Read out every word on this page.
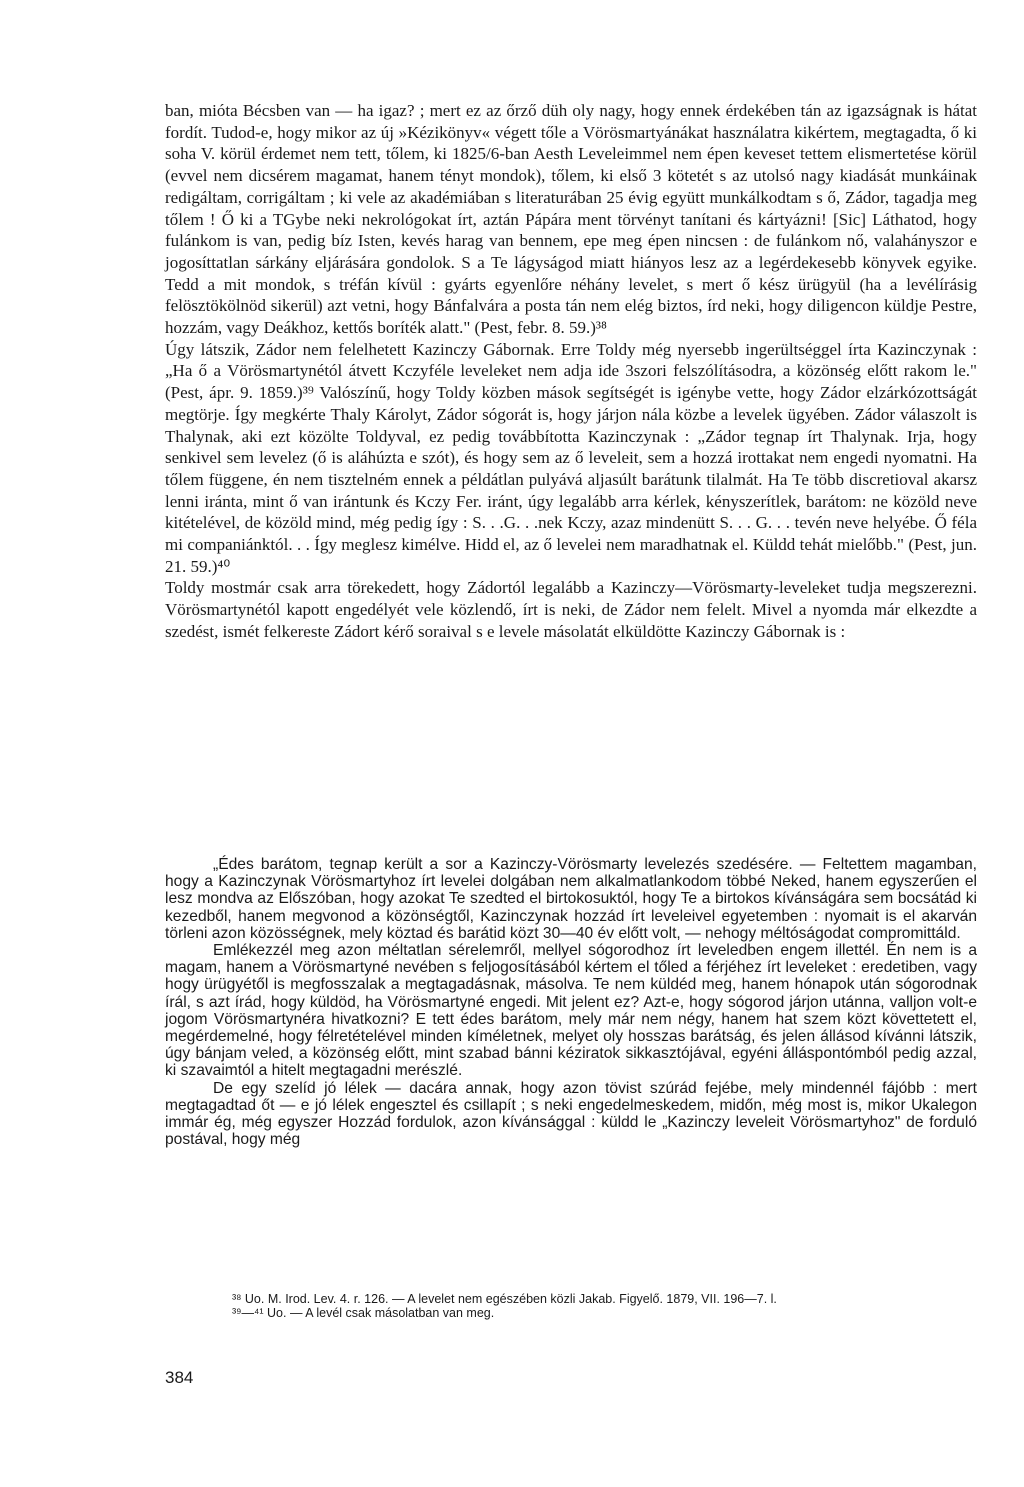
ban, mióta Bécsben van — ha igaz? ; mert ez az őrző düh oly nagy, hogy ennek érdekében tán az igazságnak is hátat fordít. Tudod-e, hogy mikor az új »Kézikönyv« végett tőle a Vörösmartyánákat használatra kikértem, megtagadta, ő ki soha V. körül érdemet nem tett, tőlem, ki 1825/6-ban Aesth Leveleimmel nem épen keveset tettem elismertetése körül (evvel nem dicsérem magamat, hanem tényt mondok), tőlem, ki első 3 kötetét s az utolsó nagy kiadását munkáinak redigáltam, corrigáltam ; ki vele az akadémiában s literaturában 25 évig együtt munkálkodtam s ő, Zádor, tagadja meg tőlem ! Ő ki a TGybe neki nekrológokat írt, aztán Pápára ment törvényt tanítani és kártyázni! [Sic] Láthatod, hogy fulánkom is van, pedig bíz Isten, kevés harag van bennem, epe meg épen nincsen : de fulánkom nő, valahányszor e jogosíttatlan sárkány eljárására gondolok. S a Te lágyságod miatt hiányos lesz az a legérdekesebb könyvek egyike. Tedd a mit mondok, s tréfán kívül : gyárts egyenlőre néhány levelet, s mert ő kész ürügyül (ha a levélírásig felösztökölnöd sikerül) azt vetni, hogy Bánfalvára a posta tán nem elég biztos, írd neki, hogy diligencon küldje Pestre, hozzám, vagy Deákhoz, kettős boríték alatt." (Pest, febr. 8. 59.)³⁸

Úgy látszik, Zádor nem felelhetett Kazinczy Gábornak. Erre Toldy még nyersebb ingerültséggel írta Kazinczynak : „Ha ő a Vörösmartynétól átvett Kczyféle leveleket nem adja ide 3szori felszólításodra, a közönség előtt rakom le." (Pest, ápr. 9. 1859.)³⁹ Valószínű, hogy Toldy közben mások segítségét is igénybe vette, hogy Zádor elzárkózottságát megtörje. Így megkérte Thaly Károlyt, Zádor sógorát is, hogy járjon nála közbe a levelek ügyében. Zádor válaszolt is Thalynak, aki ezt közölte Toldyval, ez pedig továbbította Kazinczynak : „Zádor tegnap írt Thalynak. Irja, hogy senkivel sem levelez (ő is aláhúzta e szót), és hogy sem az ő leveleit, sem a hozzá irottakat nem engedi nyomatni. Ha tőlem függene, én nem tisztelném ennek a példátlan pulyává aljasúlt barátunk tilalmát. Ha Te több discretioval akarsz lenni iránta, mint ő van irántunk és Kczy Fer. iránt, úgy legalább arra kérlek, kényszerítlek, barátom: ne közöld neve kitételével, de közöld mind, még pedig így : S. . .G. . .nek Kczy, azaz mindenütt S. . . G. . . tevén neve helyébe. Ő féla mi companiánktól. . . Így meglesz kimélve. Hidd el, az ő levelei nem maradhatnak el. Küldd tehát mielőbb." (Pest, jun. 21. 59.)⁴⁰

Toldy mostmár csak arra törekedett, hogy Zádortól legalább a Kazinczy—Vörösmarty-leveleket tudja megszerezni. Vörösmartynétól kapott engedélyét vele közlendő, írt is neki, de Zádor nem felelt. Mivel a nyomda már elkezdte a szedést, ismét felkereste Zádort kérő soraival s e levele másolatát elküldötte Kazinczy Gábornak is :

„Édes barátom, tegnap került a sor a Kazinczy-Vörösmarty levelezés szedésére. — Feltettem magamban, hogy a Kazinczynak Vörösmartyhoz írt levelei dolgában nem alkalmatlankodom többé Neked, hanem egyszerűen el lesz mondva az Előszóban, hogy azokat Te szedted el birtokosuktól, hogy Te a birtokos kívánságára sem bocsátád ki kezedből, hanem megvonod a közönségtől, Kazinczynak hozzád írt leveleivel egyetemben : nyomait is el akarván törleni azon közösségnek, mely köztad és barátid közt 30—40 év előtt volt, — nehogy méltóságodat compromittáld.

Emlékezzél meg azon méltatlan sérelemről, mellyel sógorodhoz írt leveledben engem illettél. Én nem is a magam, hanem a Vörösmartyné nevében s feljogosításából kértem el tőled a férjéhez írt leveleket : eredetiben, vagy hogy ürügyétől is megfosszalak a megtagadásnak, másolva. Te nem küldéd meg, hanem hónapok után sógorodnak írál, s azt írád, hogy küldöd, ha Vörösmartyné engedi. Mit jelent ez? Azt-e, hogy sógorod járjon utánna, valljon volt-e jogom Vörösmartynéra hivatkozni? E tett édes barátom, mely már nem négy, hanem hat szem közt követtetett el, megérdemelné, hogy félretételével minden kíméletnek, melyet oly hosszas barátság, és jelen állásod kívánni látszik, úgy bánjam veled, a közönség előtt, mint szabad bánni kéziratok sikkasztójával, egyéni álláspontómból pedig azzal, ki szavaimtól a hitelt megtagadni merészlé.

De egy szelíd jó lélek — dacára annak, hogy azon tövist szúrád fejébe, mely mindennél fájóbb : mert megtagadtad őt — e jó lélek engesztel és csillapít ; s neki engedelmeskedem, midőn, még most is, mikor Ukalegon immár ég, még egyszer Hozzád fordulok, azon kívánsággal : küldd le „Kazinczy leveleit Vörösmartyhoz" de forduló postával, hogy még

³⁸ Uo. M. Irod. Lev. 4. r. 126. — A levelet nem egészében közli Jakab. Figyelő. 1879, VII. 196—7. l.
³⁹—⁴¹ Uo. — A levél csak másolatban van meg.
384
